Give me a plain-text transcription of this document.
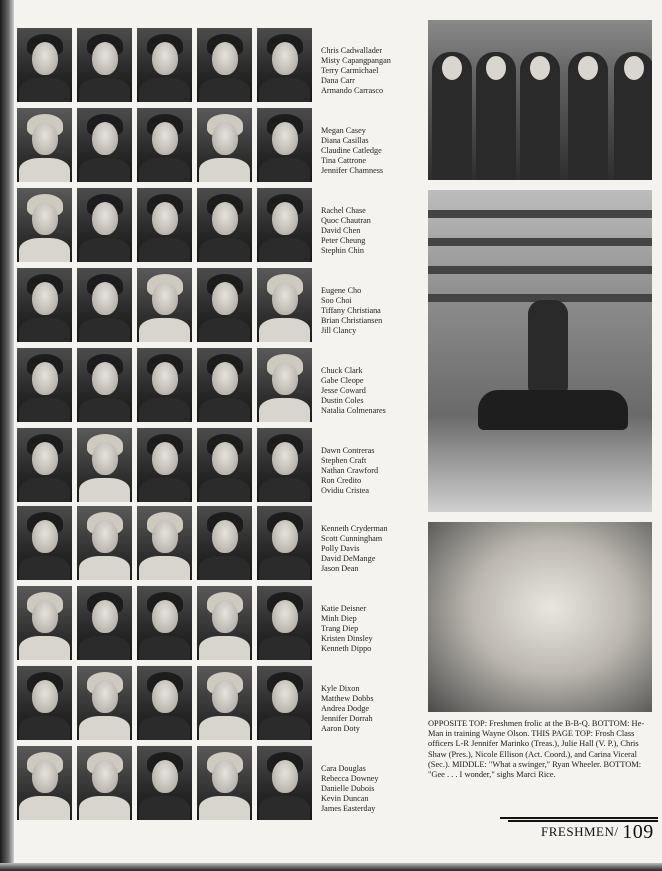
Chris Cadwallader
Misty Capangpangan
Terry Carmichael
Dana Carr
Armando Carrasco
Megan Casey
Diana Casillas
Claudine Catledge
Tina Cattrone
Jennifer Chamness
Rachel Chase
Quoc Chautran
David Chen
Peter Cheung
Stephin Chin
Eugene Cho
Soo Choi
Tiffany Christiana
Brian Christiansen
Jill Clancy
Chuck Clark
Gabe Cleope
Jesse Coward
Dustin Coles
Natalia Colmenares
Dawn Contreras
Stephen Craft
Nathan Crawford
Ron Credito
Ovidiu Cristea
Kenneth Cryderman
Scott Cunningham
Polly Davis
David DeMange
Jason Dean
Katie Deisner
Minh Diep
Trang Diep
Kristen Dinsley
Kenneth Dippo
Kyle Dixon
Matthew Dobbs
Andrea Dodge
Jennifer Dorrah
Aaron Doty
Cara Douglas
Rebecca Downey
Danielle Dubois
Kevin Duncan
James Easterday
OPPOSITE TOP: Freshmen frolic at the B-B-Q. BOTTOM: He-Man in training Wayne Olson. THIS PAGE TOP: Frosh Class officers L-R Jennifer Marinko (Treas.), Julie Hall (V. P.), Chris Shaw (Pres.), Nicole Ellison (Act. Coord.), and Carina Viceral (Sec.). MIDDLE: "What a swinger," Ryan Wheeler. BOTTOM: "Gee . . . I wonder," sighs Marci Rice.
FRESHMEN/ 109
